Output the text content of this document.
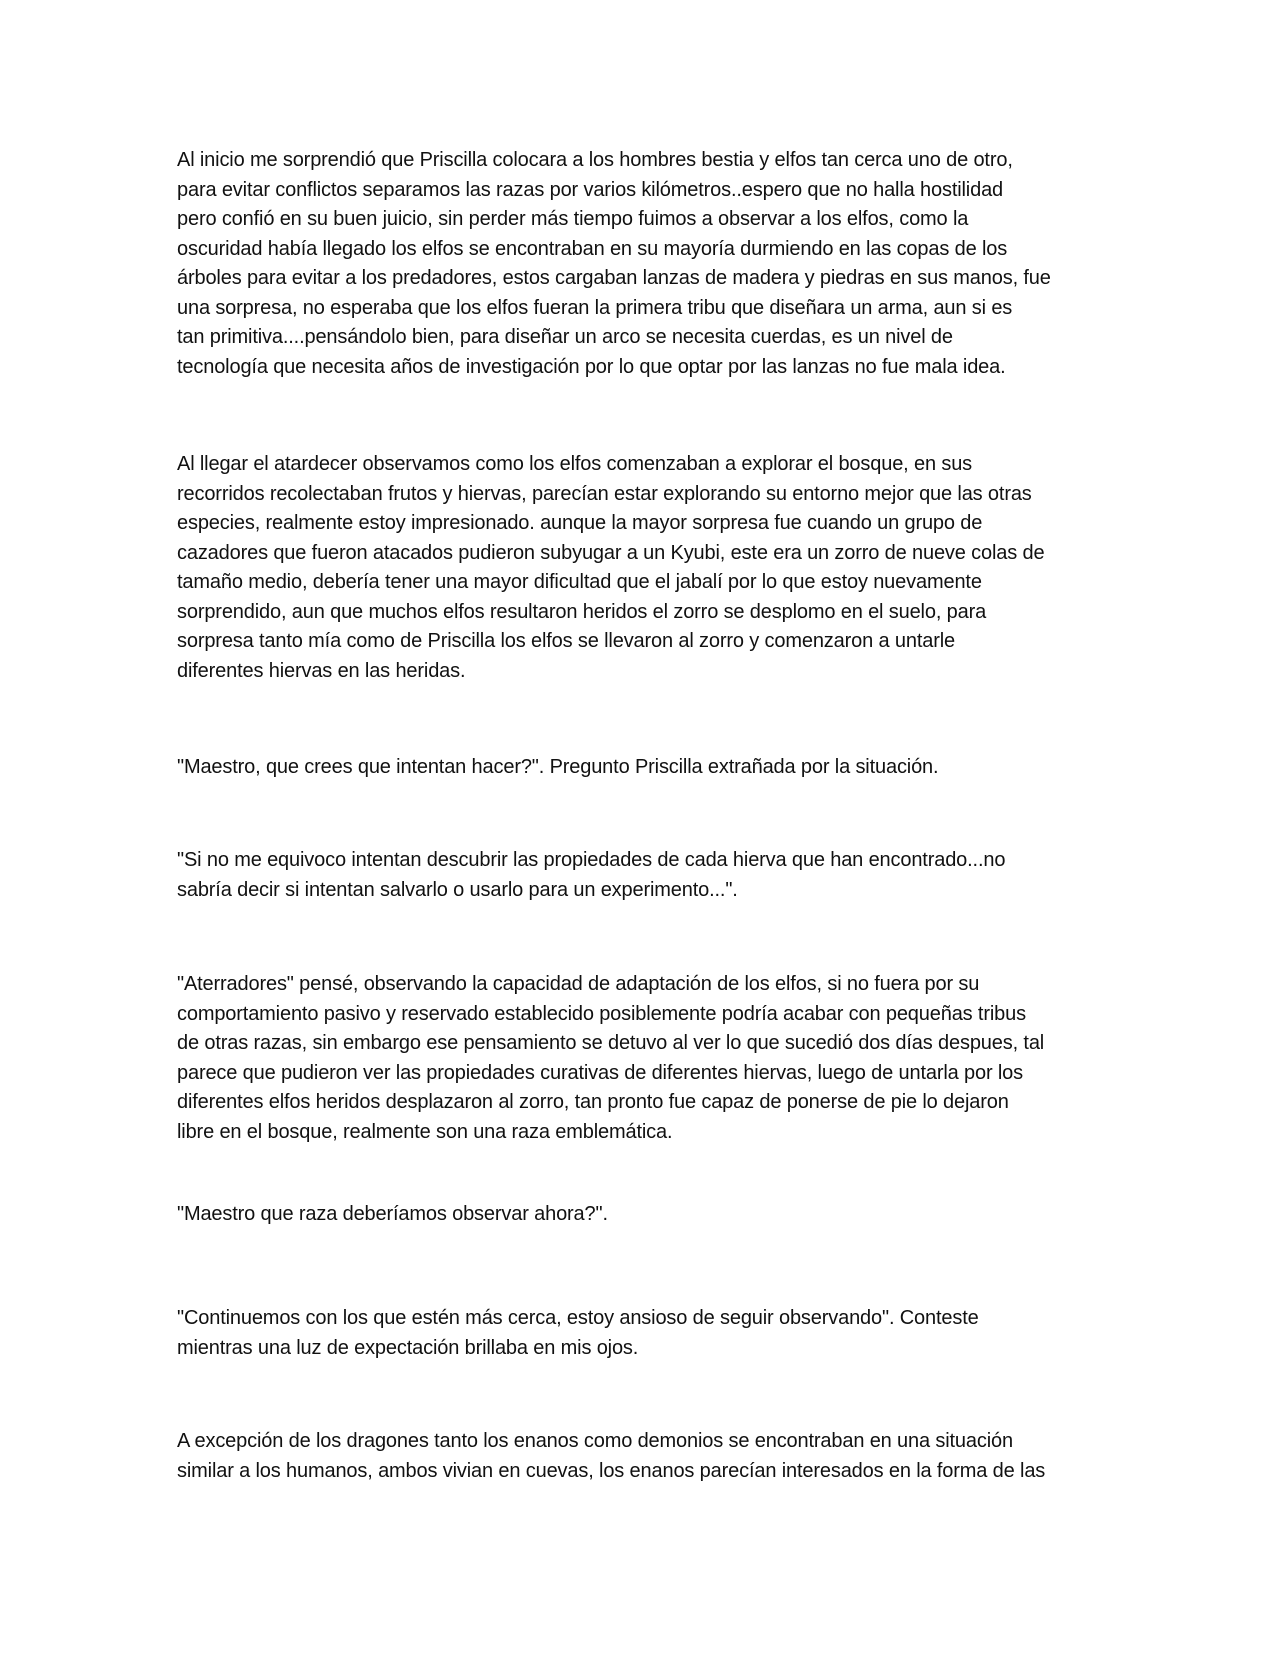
Al inicio me sorprendió que Priscilla colocara a los hombres bestia y elfos tan cerca uno de otro,
para evitar conflictos separamos las razas por varios kilómetros..espero que no halla hostilidad
pero confió en su buen juicio, sin perder más tiempo fuimos a observar a los elfos, como la
oscuridad había llegado los elfos se encontraban en su mayoría durmiendo en las copas de los
árboles para evitar a los predadores, estos cargaban lanzas de madera y piedras en sus manos, fue
una sorpresa, no esperaba que los elfos fueran la primera tribu que diseñara un arma, aun si es
tan primitiva....pensándolo bien, para diseñar un arco se necesita cuerdas, es un nivel de
tecnología que necesita años de investigación por lo que optar por las lanzas no fue mala idea.
Al llegar el atardecer observamos como los elfos comenzaban a explorar el bosque, en sus
recorridos recolectaban frutos y hiervas, parecían estar explorando su entorno mejor que las otras
especies, realmente estoy impresionado. aunque la mayor sorpresa fue cuando un grupo de
cazadores que fueron atacados pudieron subyugar a un Kyubi, este era un zorro de nueve colas de
tamaño medio, debería tener una mayor dificultad que el jabalí por lo que estoy nuevamente
sorprendido, aun que muchos elfos resultaron heridos el zorro se desplomo en el suelo, para
sorpresa tanto mía como de Priscilla los elfos se llevaron al zorro y comenzaron a untarle
diferentes hiervas en las heridas.
"Maestro, que crees que intentan hacer?". Pregunto Priscilla extrañada por la situación.
"Si no me equivoco intentan descubrir las propiedades de cada hierva que han encontrado...no
sabría decir si intentan salvarlo o usarlo para un experimento...".
"Aterradores" pensé, observando la capacidad de adaptación de los elfos, si no fuera por su
comportamiento pasivo y reservado establecido posiblemente podría acabar con pequeñas tribus
de otras razas, sin embargo ese pensamiento se detuvo al ver lo que sucedió dos días despues, tal
parece que pudieron ver las propiedades curativas de diferentes hiervas, luego de untarla por los
diferentes elfos heridos desplazaron al zorro, tan pronto fue capaz de ponerse de pie lo dejaron
libre en el bosque, realmente son una raza emblemática.
"Maestro que raza deberíamos observar ahora?".
"Continuemos con los que estén más cerca, estoy ansioso de seguir observando". Conteste
mientras una luz de expectación brillaba en mis ojos.
A excepción de los dragones tanto los enanos como demonios se encontraban en una situación
similar a los humanos, ambos vivian en cuevas, los enanos parecían interesados en la forma de las
